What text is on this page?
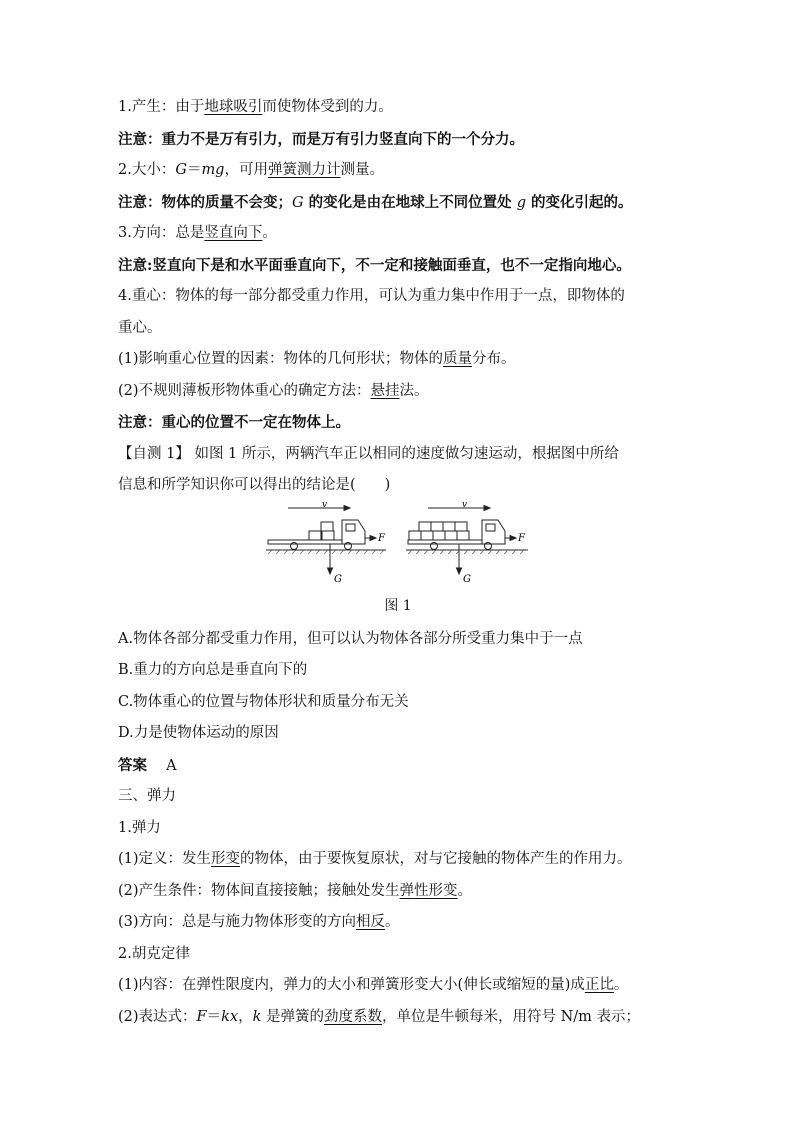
1.产生：由于地球吸引而使物体受到的力。
注意：重力不是万有引力，而是万有引力竖直向下的一个分力。
2.大小：G＝mg，可用弹簧测力计测量。
注意：物体的质量不会变；G 的变化是由在地球上不同位置处 g 的变化引起的。
3.方向：总是竖直向下。
注意:竖直向下是和水平面垂直向下，不一定和接触面垂直，也不一定指向地心。
4.重心：物体的每一部分都受重力作用，可认为重力集中作用于一点，即物体的
重心。
(1)影响重心位置的因素：物体的几何形状；物体的质量分布。
(2)不规则薄板形物体重心的确定方法：悬挂法。
注意：重心的位置不一定在物体上。
【自测 1】 如图 1 所示，两辆汽车正以相同的速度做匀速运动，根据图中所给
信息和所学知识你可以得出的结论是(　　)
v
F
G
v
F
G
图 1
A.物体各部分都受重力作用，但可以认为物体各部分所受重力集中于一点
B.重力的方向总是垂直向下的
C.物体重心的位置与物体形状和质量分布无关
D.力是使物体运动的原因
答案　 A
三、弹力
1.弹力
(1)定义：发生形变的物体，由于要恢复原状，对与它接触的物体产生的作用力。
(2)产生条件：物体间直接接触；接触处发生弹性形变。
(3)方向：总是与施力物体形变的方向相反。
2.胡克定律
(1)内容：在弹性限度内，弹力的大小和弹簧形变大小(伸长或缩短的量)成正比。
(2)表达式：F＝kx，k 是弹簧的劲度系数，单位是牛顿每米，用符号 N/m 表示；
